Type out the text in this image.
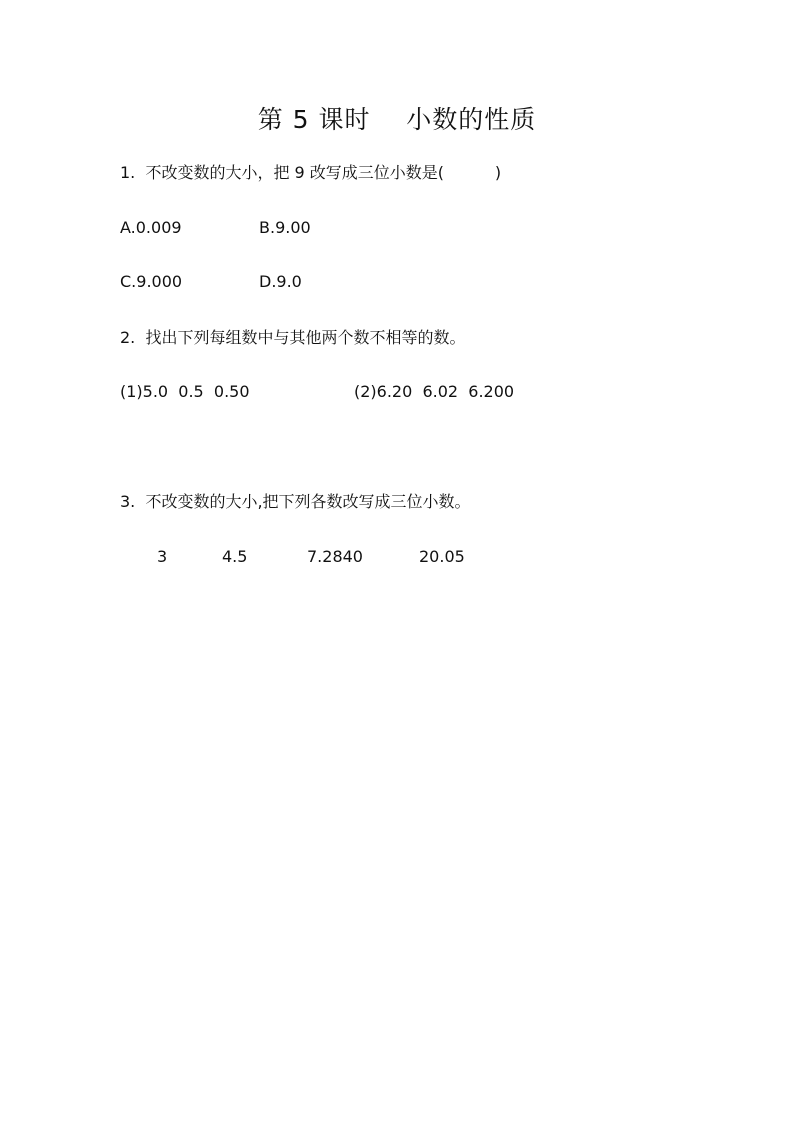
第 5 课时    小数的性质
1.  不改变数的大小，把 9 改写成三位小数是(          )
A.0.009	B.9.00
C.9.000	D.9.0
2.  找出下列每组数中与其他两个数不相等的数。
(1)5.0  0.5  0.50	(2)6.20  6.02  6.200
3.  不改变数的大小,把下列各数改写成三位小数。
3	4.5	7.2840	20.05
